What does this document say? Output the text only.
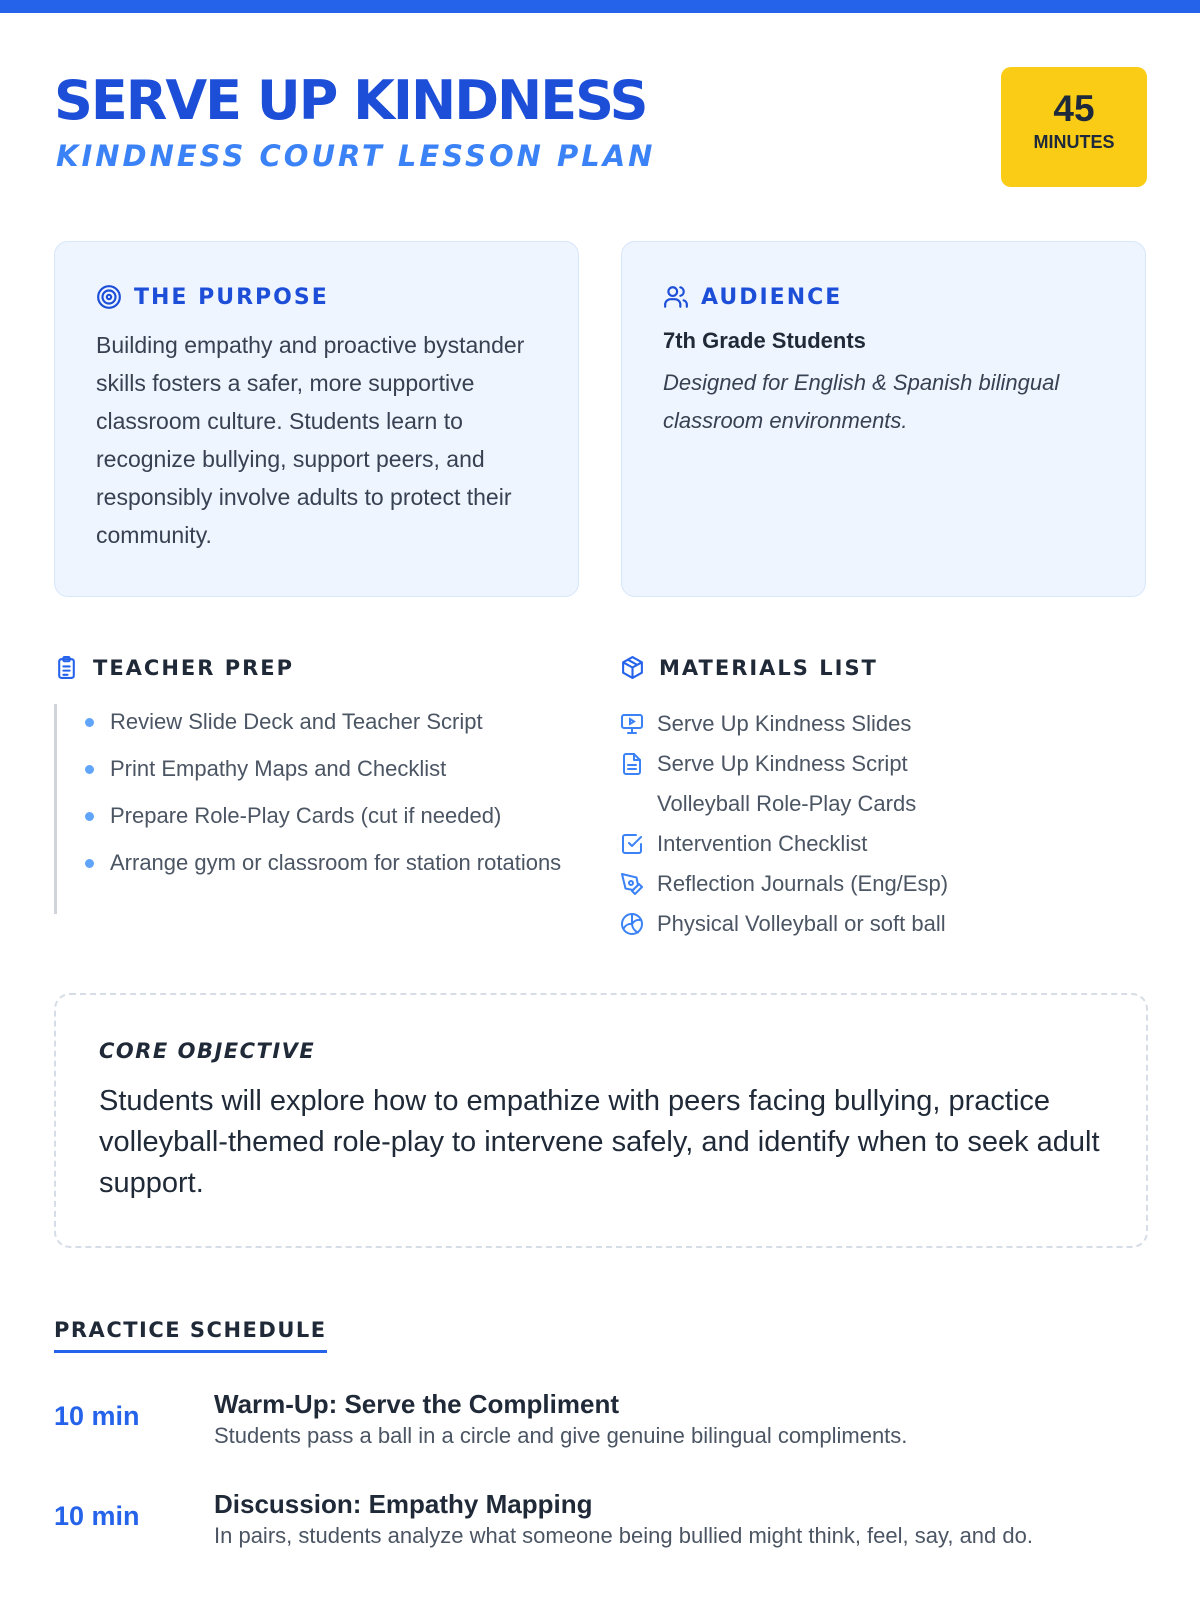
SERVE UP KINDNESS
KINDNESS COURT LESSON PLAN
45
MINUTES
THE PURPOSE

Building empathy and proactive bystander skills fosters a safer, more supportive classroom culture. Students learn to recognize bullying, support peers, and responsibly involve adults to protect their community.

AUDIENCE

7th Grade Students

Designed for English & Spanish bilingual classroom environments.

TEACHER PREP
Review Slide Deck and Teacher Script
Print Empathy Maps and Checklist
Prepare Role-Play Cards (cut if needed)
Arrange gym or classroom for station rotations
MATERIALS LIST
Serve Up Kindness Slides
Serve Up Kindness Script
Volleyball Role-Play Cards
Intervention Checklist
Reflection Journals (Eng/Esp)
Physical Volleyball or soft ball

CORE OBJECTIVE

Students will explore how to empathize with peers facing bullying, practice volleyball-themed role-play to intervene safely, and identify when to seek adult support.

PRACTICE SCHEDULE
10 min	Warm-Up: Serve the Compliment

Students pass a ball in a circle and give genuine bilingual compliments.

10 min	Discussion: Empathy Mapping

In pairs, students analyze what someone being bullied might think, feel, say, and do.
